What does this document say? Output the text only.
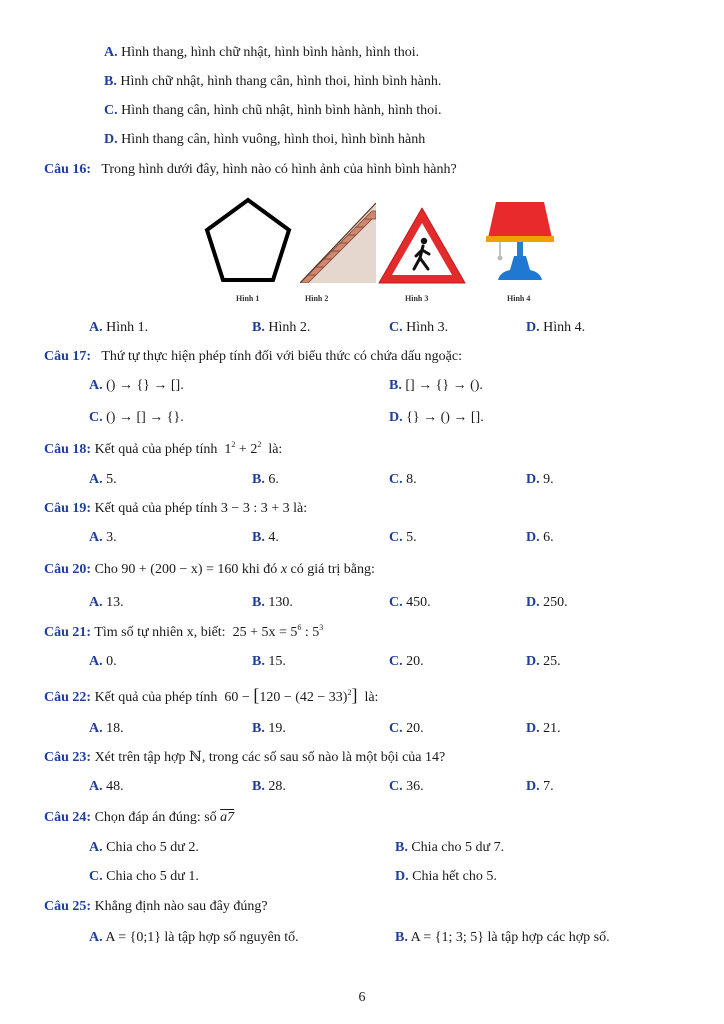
A. Hình thang, hình chữ nhật, hình bình hành, hình thoi.
B. Hình chữ nhật, hình thang cân, hình thoi, hình bình hành.
C. Hình thang cân, hình chũ nhật, hình bình hành, hình thoi.
D. Hình thang cân, hình vuông, hình thoi, hình bình hành
Câu 16: Trong hình dưới đây, hình nào có hình ảnh của hình bình hành?
Hình 1	Hình 2	Hình 3	Hình 4
A. Hình 1.	B. Hình 2.	C. Hình 3.	D. Hình 4.
Câu 17: Thứ tự thực hiện phép tính đối với biểu thức có chứa dấu ngoặc:
A. () → {} → [].	B. [] → {} → ().
C. () → [] → {}.	D. {} → () → [].
Câu 18: Kết quả của phép tính  $1^2 + 2^2$ là:
A. 5.	B. 6.	C. 8.	D. 9.
Câu 19: Kết quả của phép tính 3 − 3 : 3 + 3 là:
A. 3.	B. 4.	C. 5.	D. 6.
Câu 20: Cho 90 + (200 − x) = 160 khi đó x có giá trị bằng:
A. 13.	B. 130.	C. 450.	D. 250.
Câu 21: Tìm số tự nhiên x, biết:  $25 + 5x = 5^6$ : $5^3$
A. 0.	B. 15.	C. 20.	D. 25.
Câu 22: Kết quả của phép tính  $60 - [120 - (42 - 33)^2]$ là:
A. 18.	B. 19.	C. 20.	D. 21.
Câu 23: Xét trên tập hợp ℕ, trong các số sau số nào là một bội của 14?
A. 48.	B. 28.	C. 36.	D. 7.
Câu 24: Chọn đáp án đúng: số a7
A. Chia cho 5 dư 2.	B. Chia cho 5 dư 7.
C. Chia cho 5 dư 1.	D. Chia hết cho 5.
Câu 25: Khẳng định nào sau đây đúng?
A. A = {0;1} là tập hợp số nguyên tố.	B. A = {1; 3; 5} là tập hợp các hợp số.
6
